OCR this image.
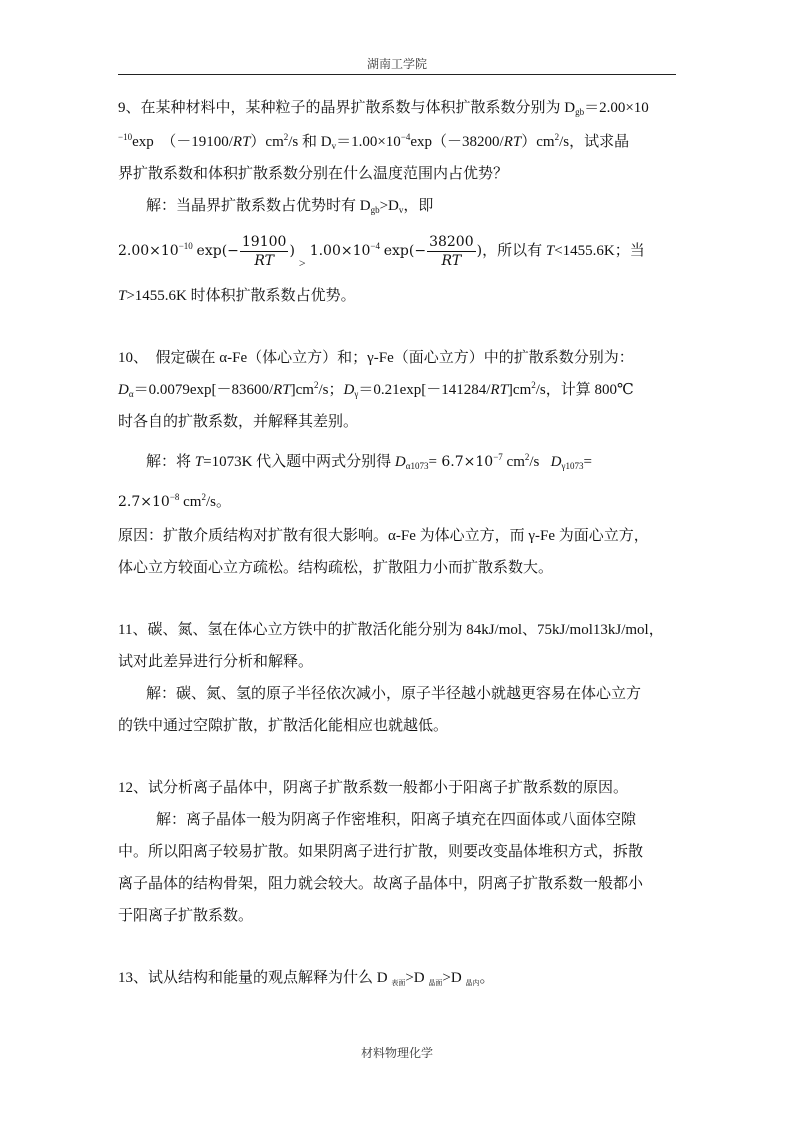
湖南工学院
9、在某种材料中，某种粒子的晶界扩散系数与体积扩散系数分别为 $D_{gb}=2.00\times 10$
$^{-10}$exp　$(-19100/RT)cm^2/s$ 和 $D_v=1.00\times 10^{-4}\exp(-38200/RT)cm^2/s$，试求晶
界扩散系数和体积扩散系数分别在什么温度范围内占优势？
解：当晶界扩散系数占优势时有 $D_{gb}>D_v$，即
$2.00\times 10^{-10}$ $\exp(- \frac{19100}{RT} )_>1.00\times 10^{-4}$ $\exp(- \frac{38200}{RT}$ )，所以有 T<1455.6K；当
T>1455.6K 时体积扩散系数占优势。
10、　假定碳在 α-Fe（体心立方）和；γ-Fe（面心立方）中的扩散系数分别为：
$D_\alpha=0.0079\exp[-83600/RT]cm^2/s$；$D_\gamma=0.21\exp[-141284/RT]cm^2/s$，计算 800℃
时各自的扩散系数，并解释其差别。
解：将 T=1073K 代入题中两式分别得 $D_{\alpha 1073}= 6.7\times 10^{-7}$ $cm^2/s$ $D_{\gamma 1073}=$
$2.7\times 10^{-8}$ $cm^2/s$。
原因：扩散介质结构对扩散有很大影响。α-Fe 为体心立方，而 γ-Fe 为面心立方，
体心立方较面心立方疏松。结构疏松，扩散阻力小而扩散系数大。
11、碳、氮、氢在体心立方铁中的扩散活化能分别为 84kJ/mol、75kJ/mol13kJ/mol，
试对此差异进行分析和解释。
解：碳、氮、氢的原子半径依次减小，原子半径越小就越更容易在体心立方
的铁中通过空隙扩散，扩散活化能相应也就越低。
12、试分析离子晶体中，阴离子扩散系数一般都小于阳离子扩散系数的原因。
解：离子晶体一般为阴离子作密堆积，阳离子填充在四面体或八面体空隙
中。所以阳离子较易扩散。如果阴离子进行扩散，则要改变晶体堆积方式，拆散
离子晶体的结构骨架，阻力就会较大。故离子晶体中，阴离子扩散系数一般都小
于阳离子扩散系数。
13、试从结构和能量的观点解释为什么 D $_{表面}$>D $_{晶面}$>D $_{晶内}$。
材料物理化学
